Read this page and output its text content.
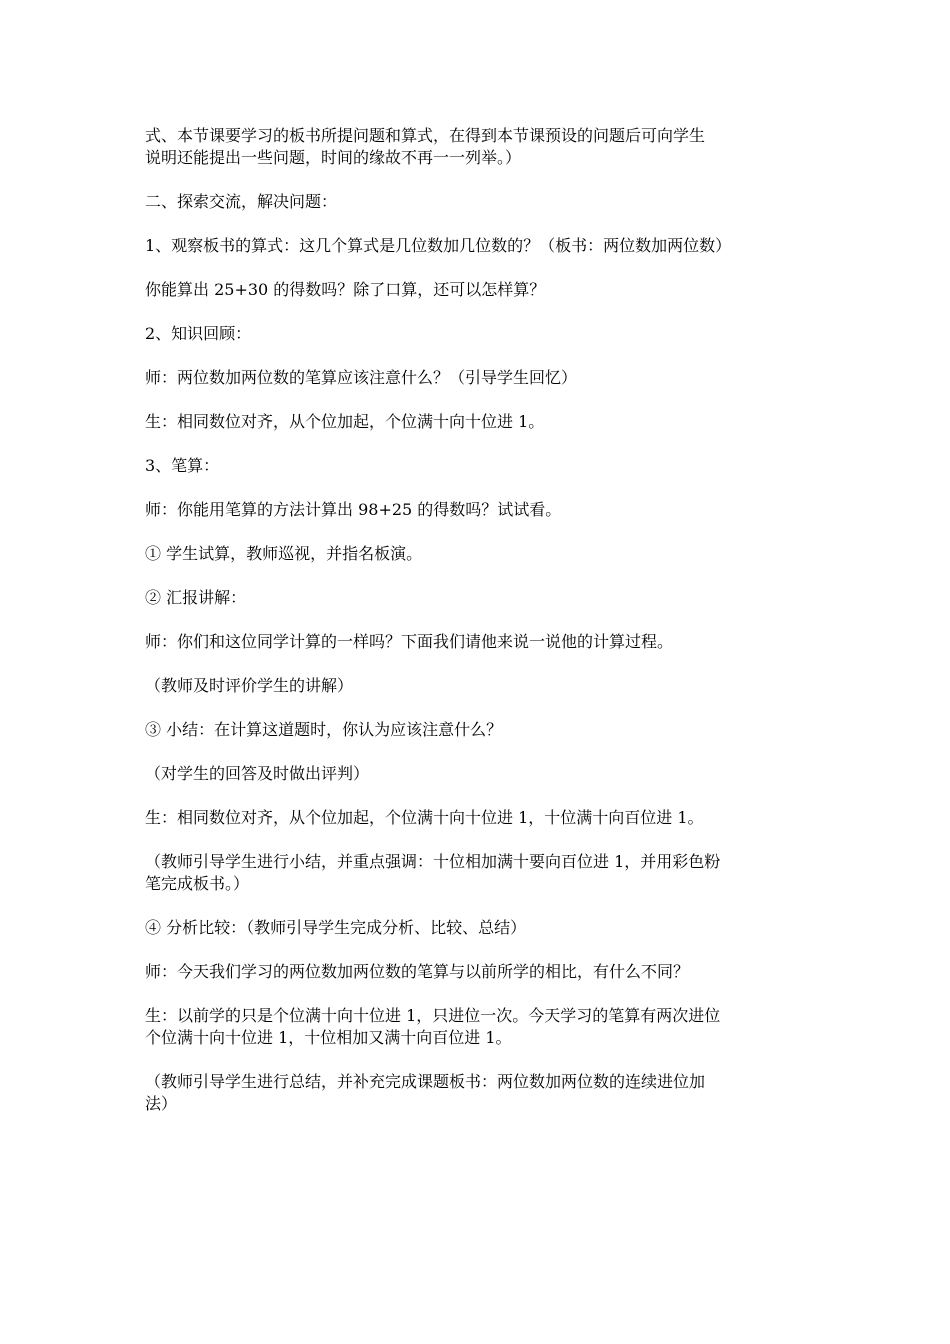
式、本节课要学习的板书所提问题和算式，在得到本节课预设的问题后可向学生
说明还能提出一些问题，时间的缘故不再一一列举。）

二、探索交流，解决问题：

1、观察板书的算式：这几个算式是几位数加几位数的？（板书：两位数加两位数）

你能算出 25+30 的得数吗？除了口算，还可以怎样算？

2、知识回顾：

师：两位数加两位数的笔算应该注意什么？（引导学生回忆）

生：相同数位对齐，从个位加起，个位满十向十位进 1。

3、笔算：

师：你能用笔算的方法计算出 98+25 的得数吗？试试看。

① 学生试算，教师巡视，并指名板演。

② 汇报讲解：

师：你们和这位同学计算的一样吗？下面我们请他来说一说他的计算过程。

（教师及时评价学生的讲解）

③ 小结：在计算这道题时，你认为应该注意什么？

（对学生的回答及时做出评判）

生：相同数位对齐，从个位加起，个位满十向十位进 1，十位满十向百位进 1。

（教师引导学生进行小结，并重点强调：十位相加满十要向百位进 1，并用彩色粉
笔完成板书。）

④ 分析比较：（教师引导学生完成分析、比较、总结）

师：今天我们学习的两位数加两位数的笔算与以前所学的相比，有什么不同？

生：以前学的只是个位满十向十位进 1，只进位一次。今天学习的笔算有两次进位
个位满十向十位进 1，十位相加又满十向百位进 1。

（教师引导学生进行总结，并补充完成课题板书：两位数加两位数的连续进位加
法）
